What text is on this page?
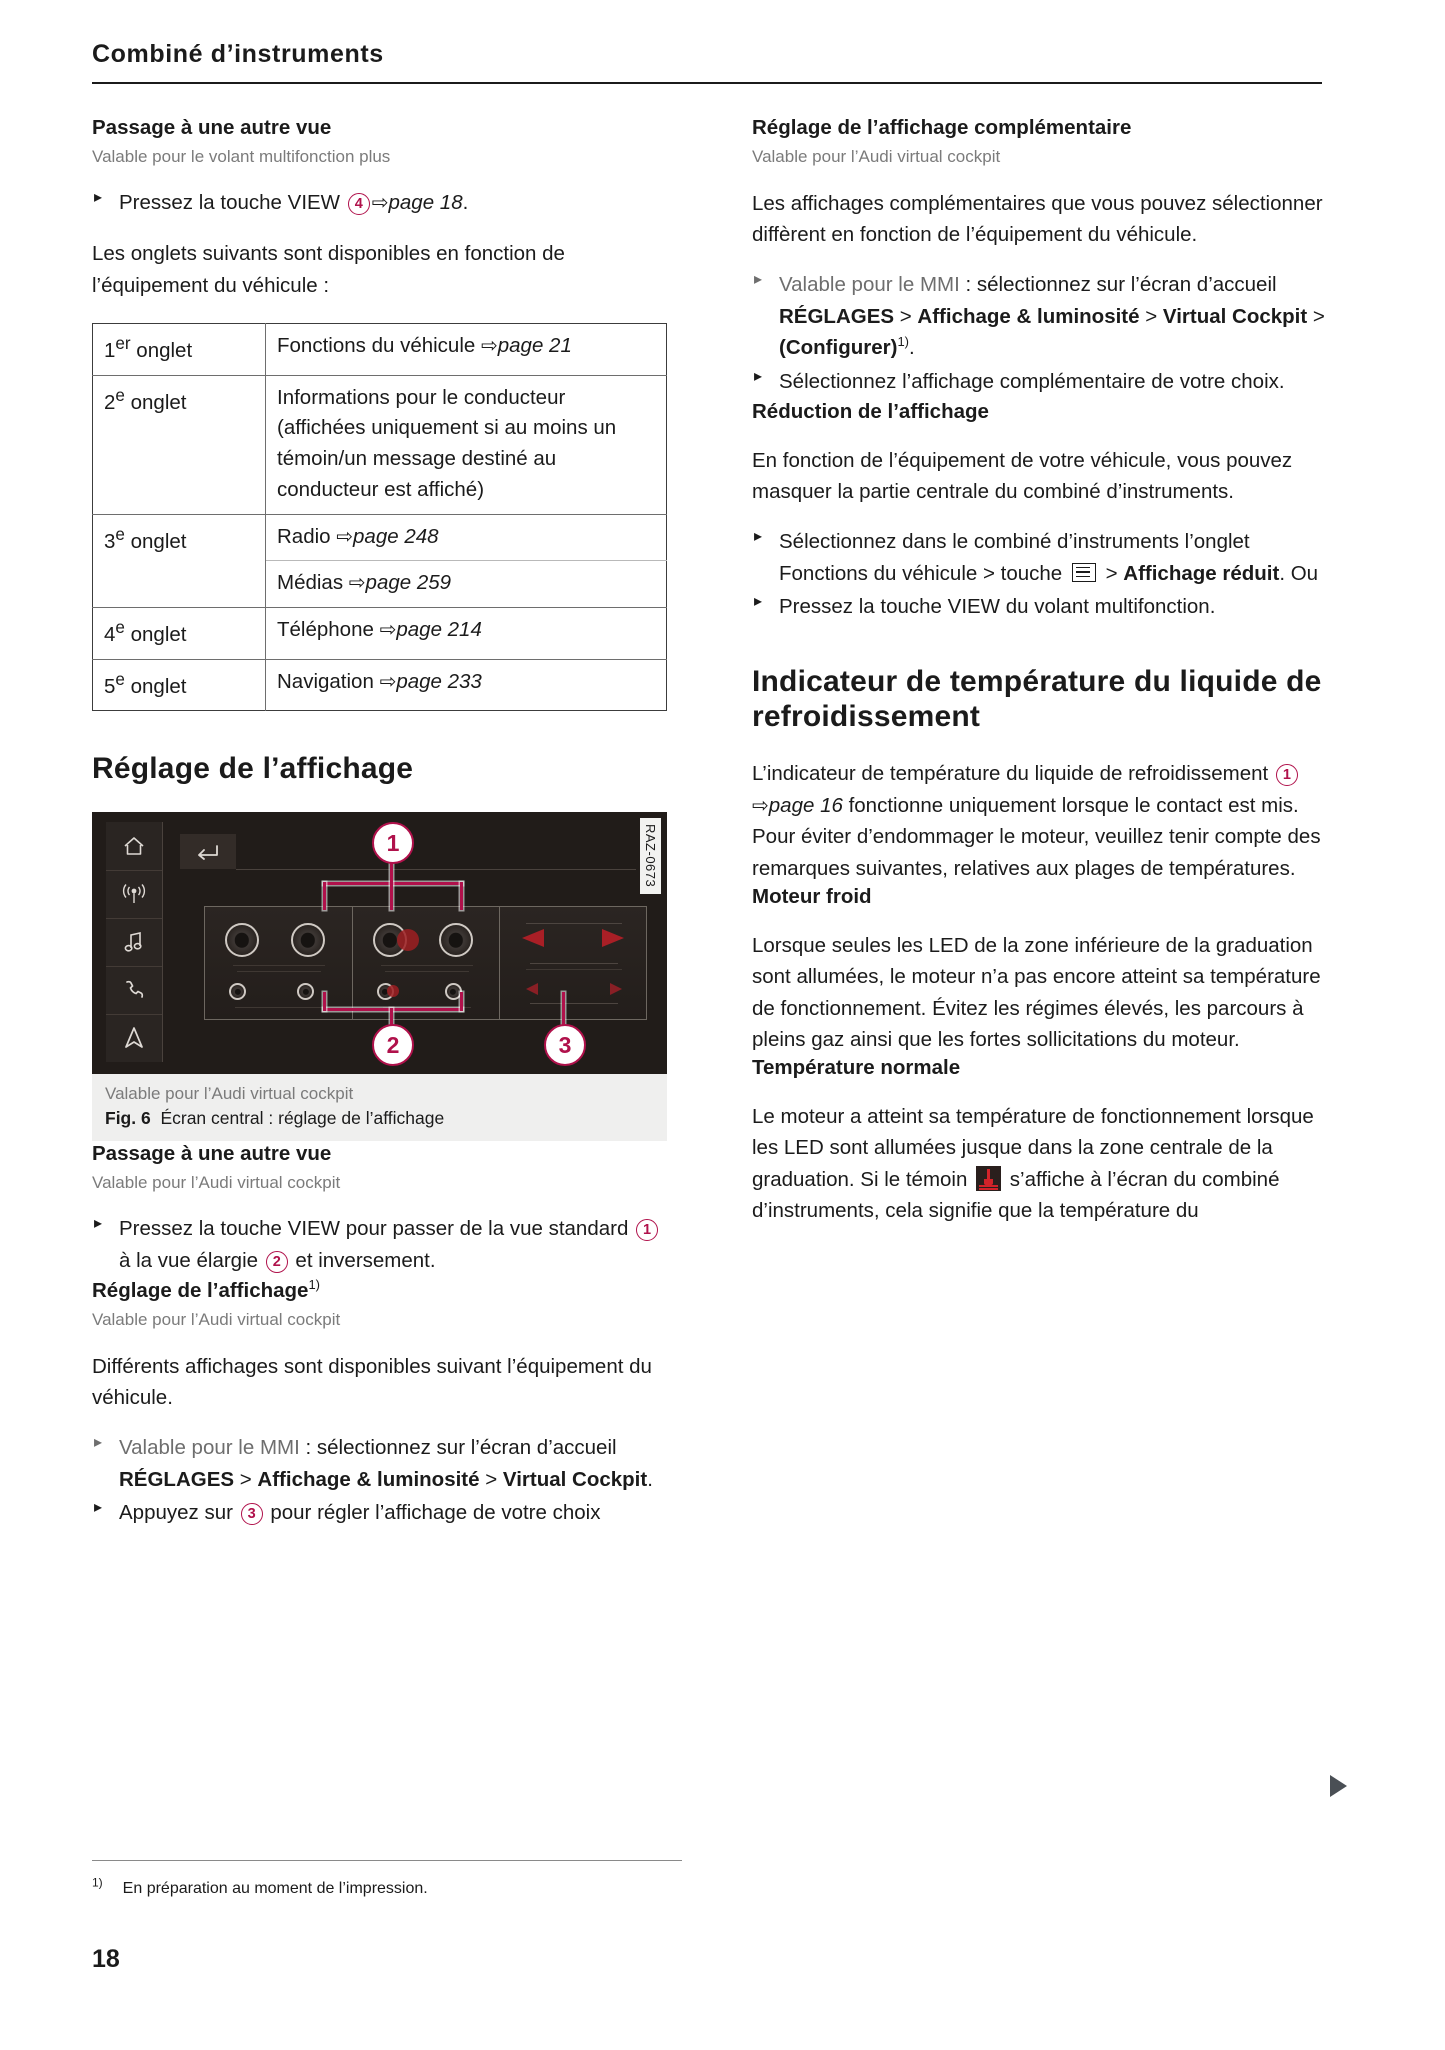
Combiné d’instruments
Passage à une autre vue
Valable pour le volant multifonction plus
▸ Pressez la touche VIEW 4 ⇨page 18.

Les onglets suivants sont disponibles en fonction de l’équipement du véhicule :

1er onglet	Fonctions du véhicule ⇨page 21
2e onglet	Informations pour le conducteur (affichées uniquement si au moins un témoin/un message destiné au conducteur est affiché)
3e onglet	Radio ⇨page 248
	Médias ⇨page 259
4e onglet	Téléphone ⇨page 214
5e onglet	Navigation ⇨page 233
Réglage de l’affichage
1
2	3
RAZ-0673
Valable pour l’Audi virtual cockpit
Fig. 6 Écran central : réglage de l’affichage
Passage à une autre vue
Valable pour l’Audi virtual cockpit
▸ Pressez la touche VIEW pour passer de la vue standard 1 à la vue élargie 2 et inversement.
Réglage de l’affichage$^{1)}$
Valable pour l’Audi virtual cockpit

Différents affichages sont disponibles suivant l’équipement du véhicule.

▸ Valable pour le MMI : sélectionnez sur l’écran d’accueil RÉGLAGES > Affichage & luminosité > Virtual Cockpit.
▸ Appuyez sur 3 pour régler l’affichage de votre choix
Réglage de l’affichage complémentaire
Valable pour l’Audi virtual cockpit

Les affichages complémentaires que vous pouvez sélectionner diffèrent en fonction de l’équipement du véhicule.

▸ Valable pour le MMI : sélectionnez sur l’écran d’accueil RÉGLAGES > Affichage & luminosité > Virtual Cockpit > (Configurer)$^{1)}$.
▸ Sélectionnez l’affichage complémentaire de votre choix.
Réduction de l’affichage

En fonction de l’équipement de votre véhicule, vous pouvez masquer la partie centrale du combiné d’instruments.

▸ Sélectionnez dans le combiné d’instruments l’onglet Fonctions du véhicule > touche
> Affichage réduit. Ou
▸ Pressez la touche VIEW du volant multifonction.
Indicateur de température du liquide de refroidissement

L’indicateur de température du liquide de refroidissement 1⇨page 16 fonctionne uniquement lorsque le contact est mis. Pour éviter d’endommager le moteur, veuillez tenir compte des remarques suivantes, relatives aux plages de températures.

Moteur froid

Lorsque seules les LED de la zone inférieure de la graduation sont allumées, le moteur n’a pas encore atteint sa température de fonctionnement. Évitez les régimes élevés, les parcours à pleins gaz ainsi que les fortes sollicitations du moteur.

Température normale

Le moteur a atteint sa température de fonctionnement lorsque les LED sont allumées jusque dans la zone centrale de la graduation. Si le témoin
s’affiche à l’écran du combiné d’instruments, cela signifie que la température du

$^{1)}$ En préparation au moment de l’impression.
18
